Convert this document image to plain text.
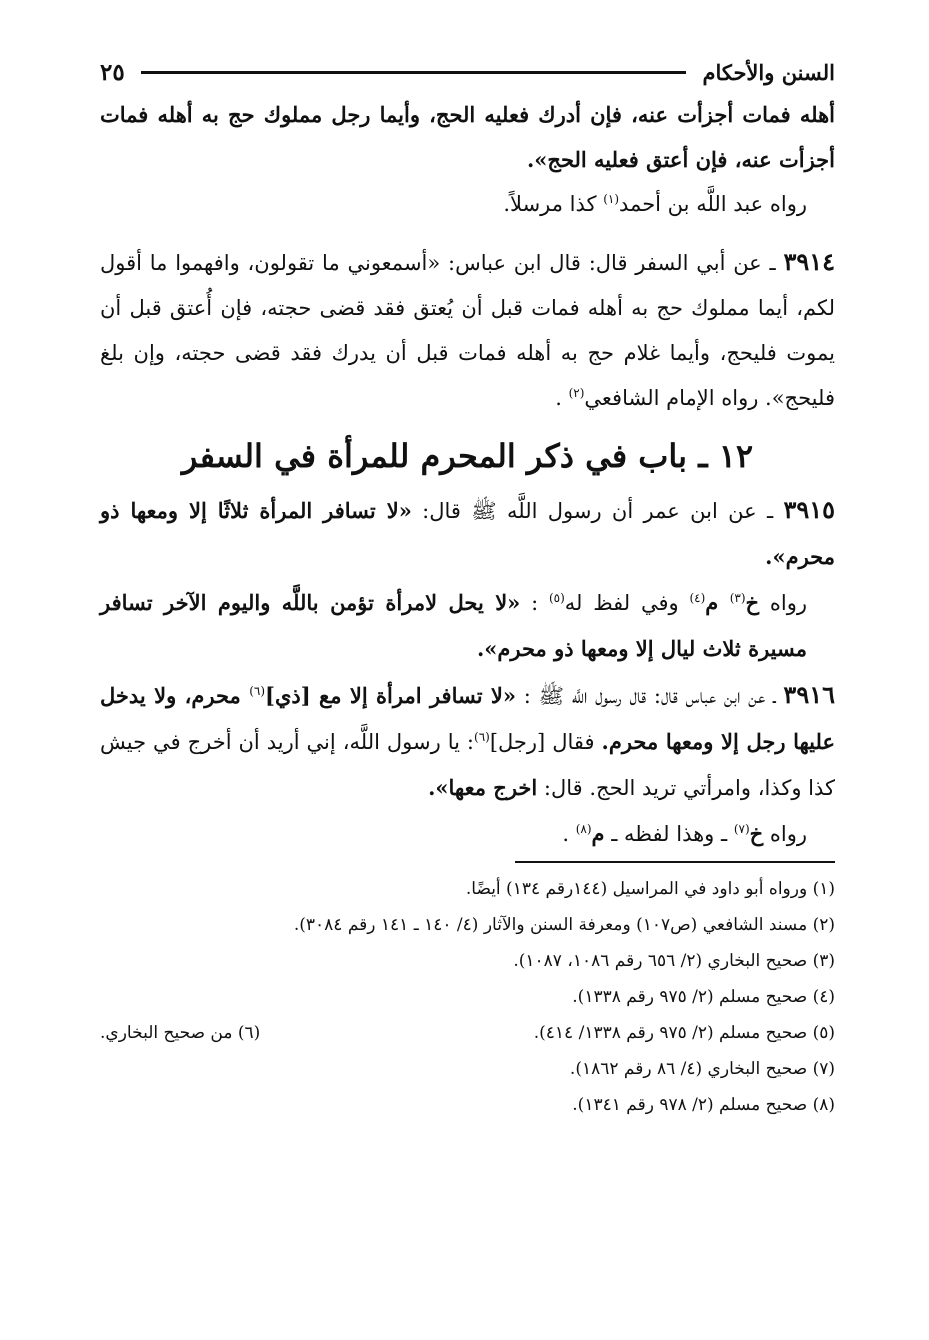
السنن والأحكام
٢٥

أهله فمات أجزأت عنه، فإن أدرك فعليه الحج، وأيما رجل مملوك حج به أهله فمات أجزأت عنه، فإن أعتق فعليه الحج».

رواه عبد اللَّه بن أحمد$^{(١)}$ كذا مرسلاً.

٣٩١٤ ـ عن أبي السفر قال: قال ابن عباس: «أسمعوني ما تقولون، وافهموا ما أقول لكم، أيما مملوك حج به أهله فمات قبل أن يُعتق فقد قضى حجته، فإن أُعتق قبل أن يموت فليحج، وأيما غلام حج به أهله فمات قبل أن يدرك فقد قضى حجته، وإن بلغ فليحج». رواه الإمام الشافعي$^{(٢)}$ .

١٢ ـ باب في ذكر المحرم للمرأة في السفر

٣٩١٥ ـ عن ابن عمر أن رسول اللَّه ﷺ قال: «لا تسافر المرأة ثلاثًا إلا ومعها ذو محرم».

رواه خ$^{(٣)}$ م$^{(٤)}$ وفي لفظ له$^{(٥)}$ : «لا يحل لامرأة تؤمن باللَّه واليوم الآخر تسافر مسيرة ثلاث ليال إلا ومعها ذو محرم».

٣٩١٦ ـ عن ابن عباس قال: قال رسول اللَّه ﷺ : «لا تسافر امرأة إلا مع [ذي]$^{(٦)}$ محرم، ولا يدخل عليها رجل إلا ومعها محرم. فقال [رجل]$^{(٦)}$: يا رسول اللَّه، إني أريد أن أخرج في جيش كذا وكذا، وامرأتي تريد الحج. قال: اخرج معها».

رواه خ$^{(٧)}$ ـ وهذا لفظه ـ م$^{(٨)}$ .

(١) ورواه أبو داود في المراسيل (١٤٤رقم ١٣٤) أيضًا.

(٢) مسند الشافعي (ص١٠٧) ومعرفة السنن والآثار (٤/ ١٤٠ ـ ١٤١ رقم ٣٠٨٤).

(٣) صحيح البخاري (٢/ ٦٥٦ رقم ١٠٨٦، ١٠٨٧).

(٤) صحيح مسلم (٢/ ٩٧٥ رقم ١٣٣٨).

(٥) صحيح مسلم (٢/ ٩٧٥ رقم ١٣٣٨/ ٤١٤).
(٦) من صحيح البخاري.

(٧) صحيح البخاري (٤/ ٨٦ رقم ١٨٦٢).

(٨) صحيح مسلم (٢/ ٩٧٨ رقم ١٣٤١).
